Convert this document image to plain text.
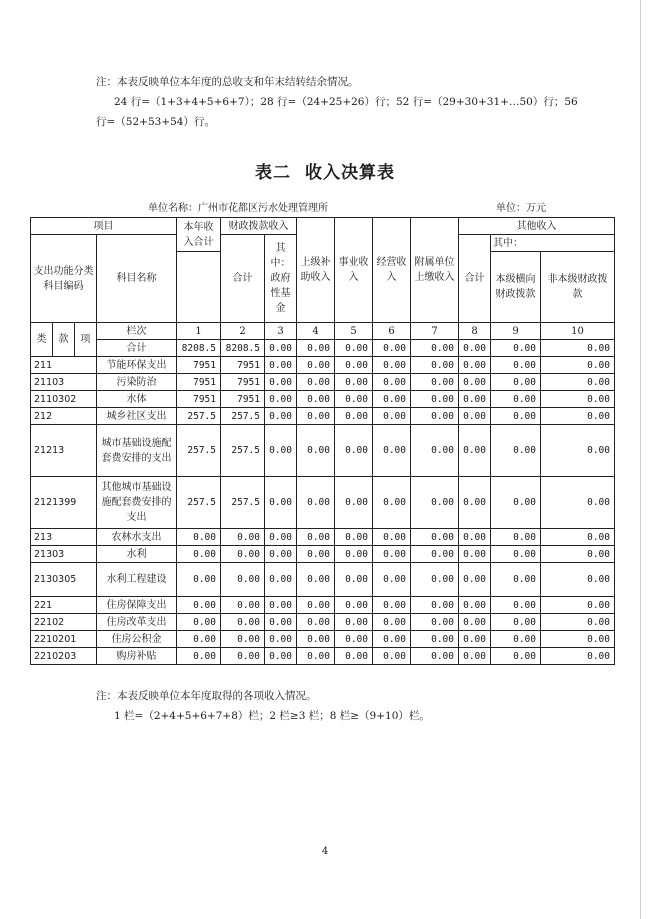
注：本表反映单位本年度的总收支和年末结转结余情况。
24 行=（1+3+4+5+6+7）；28 行=（24+25+26）行；52 行=（29+30+31+…50）行；56
行=（52+53+54）行。
表二 收入决算表
单位名称：广州市花都区污水处理管理所	单位：万元
项目				本年收入合计	财政拨款收入		上级补助收入	事业收入	经营收入	附属单位上缴收入	其他收入		
支出功能分类科目编码			科目名称		合计	其中：政府性基金					合计	其中：	
												本级横向财政拨款	非本级财政拨款
类	款	项	栏次	1	2	3	4	5	6	7	8	9	10
			合计	8208.5	8208.5	0.00	0.00	0.00	0.00	0.00	0.00	0.00	0.00
211			节能环保支出	7951	7951	0.00	0.00	0.00	0.00	0.00	0.00	0.00	0.00
21103			污染防治	7951	7951	0.00	0.00	0.00	0.00	0.00	0.00	0.00	0.00
2110302			水体	7951	7951	0.00	0.00	0.00	0.00	0.00	0.00	0.00	0.00
212			城乡社区支出	257.5	257.5	0.00	0.00	0.00	0.00	0.00	0.00	0.00	0.00
21213			城市基础设施配套费安排的支出	257.5	257.5	0.00	0.00	0.00	0.00	0.00	0.00	0.00	0.00
2121399			其他城市基础设施配套费安排的支出	257.5	257.5	0.00	0.00	0.00	0.00	0.00	0.00	0.00	0.00
213			农林水支出	0.00	0.00	0.00	0.00	0.00	0.00	0.00	0.00	0.00	0.00
21303			水利	0.00	0.00	0.00	0.00	0.00	0.00	0.00	0.00	0.00	0.00
2130305			水利工程建设	0.00	0.00	0.00	0.00	0.00	0.00	0.00	0.00	0.00	0.00
221			住房保障支出	0.00	0.00	0.00	0.00	0.00	0.00	0.00	0.00	0.00	0.00
22102			住房改革支出	0.00	0.00	0.00	0.00	0.00	0.00	0.00	0.00	0.00	0.00
2210201			住房公积金	0.00	0.00	0.00	0.00	0.00	0.00	0.00	0.00	0.00	0.00
2210203			购房补贴	0.00	0.00	0.00	0.00	0.00	0.00	0.00	0.00	0.00	0.00
注：本表反映单位本年度取得的各项收入情况。
1 栏=（2+4+5+6+7+8）栏；2 栏≥3 栏；8 栏≥（9+10）栏。
4
